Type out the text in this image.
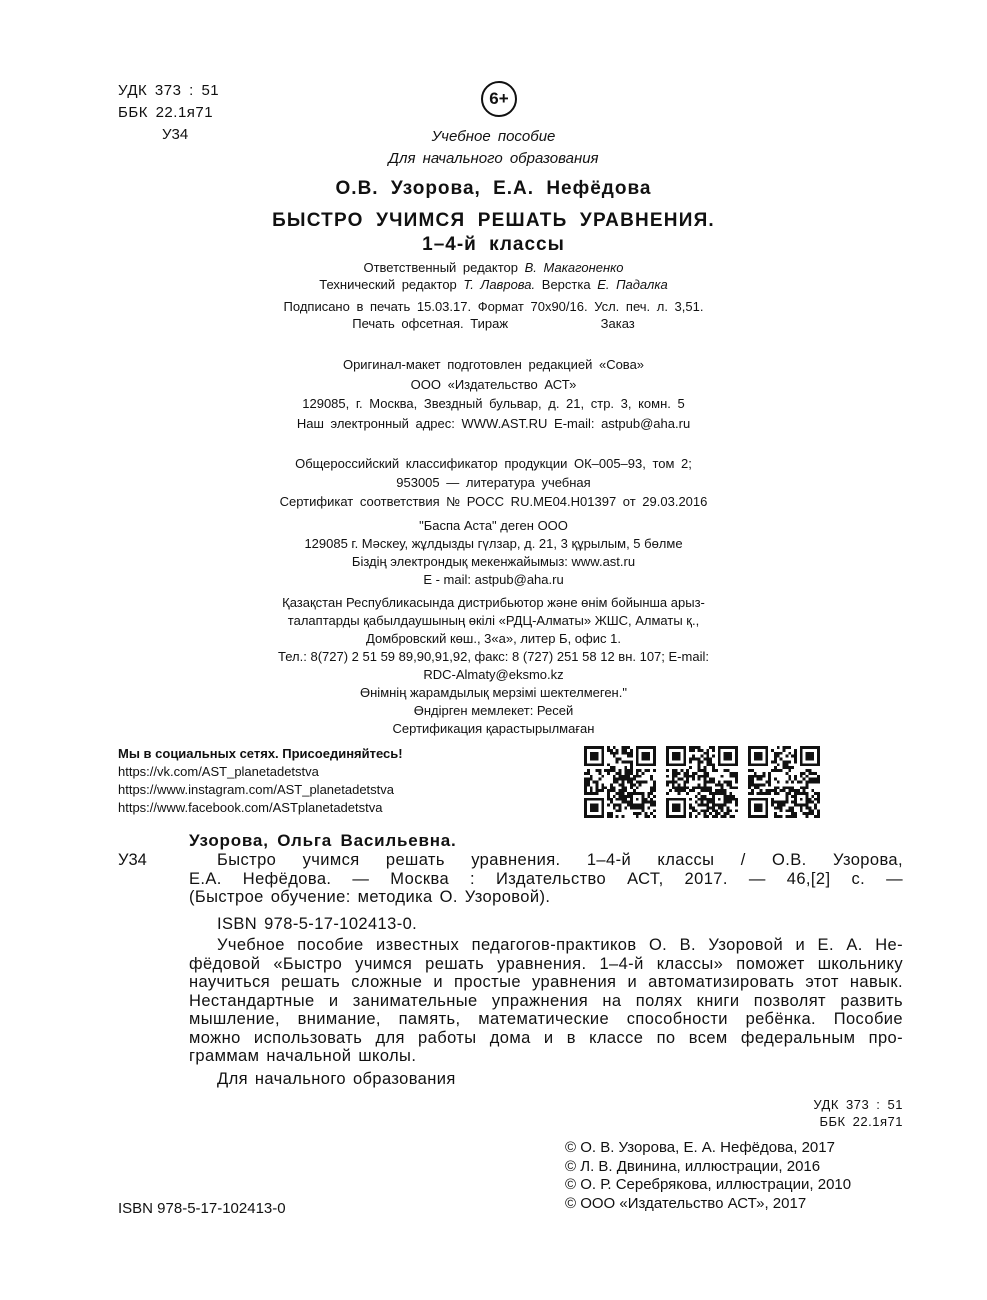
УДК 373 : 51
ББК 22.1я71
У34
6+
Учебное пособие
Для начального образования
О.В. Узорова, Е.А. Нефёдова
БЫСТРО УЧИМСЯ РЕШАТЬ УРАВНЕНИЯ.
1–4-й классы
Ответственный редактор В. Макагоненко
Технический редактор Т. Лаврова. Верстка Е. Падалка
Подписано в печать 15.03.17. Формат 70х90/16. Усл. печ. л. 3,51.
Печать офсетная. Тираж              Заказ
Оригинал-макет подготовлен редакцией «Сова»
ООО «Издательство АСТ»
129085, г. Москва, Звездный бульвар, д. 21, стр. 3, комн. 5
Наш электронный адрес: WWW.AST.RU E-mail: astpub@aha.ru
Общероссийский классификатор продукции ОК–005–93, том 2;
953005 — литература учебная
Сертификат соответствия № РОСС RU.МЕ04.Н01397 от 29.03.2016
"Баспа Аста" деген ООО
129085 г. Мәскеу, жұлдызды гүлзар, д. 21, 3 құрылым, 5 бөлме
Біздің электрондық мекенжайымыз: www.ast.ru
E - mail: astpub@aha.ru
Қазақстан Республикасында дистрибьютор және өнім бойынша арыз-
талаптарды қабылдаушының өкілі «РДЦ-Алматы» ЖШС, Алматы қ.,
Домбровский көш., 3«а», литер Б, офис 1.
Тел.: 8(727) 2 51 59 89,90,91,92, факс: 8 (727) 251 58 12 вн. 107; E-mail:
RDC-Almaty@eksmo.kz
Өнімнің жарамдылық мерзімі шектелмеген."
Өндірген мемлекет: Ресей
Сертификация қарастырылмаған
Мы в социальных сетях. Присоединяйтесь!
https://vk.com/AST_planetadetstva
https://www.instagram.com/AST_planetadetstva
https://www.facebook.com/ASTplanetadetstva
Узорова, Ольга Васильевна.
У34	Быстро учимся решать уравнения. 1–4-й классы / О.В. Узорова,
Е.А. Нефёдова. — Москва : Издательство АСТ, 2017. — 46,[2] с. —
(Быстрое обучение: методика О. Узоровой).
ISBN 978-5-17-102413-0.
Учебное пособие известных педагогов-практиков О. В. Узоровой и Е. А. Не-
фёдовой «Быстро учимся решать уравнения. 1–4-й классы» поможет школьнику
научиться решать сложные и простые уравнения и автоматизировать этот навык.
Нестандартные и занимательные упражнения на полях книги позволят развить
мышление, внимание, память, математические способности ребёнка. Пособие
можно использовать для работы дома и в классе по всем федеральным про-
граммам начальной школы.
Для начального образования
УДК 373 : 51
ББК 22.1я71
© О. В. Узорова, Е. А. Нефёдова, 2017
© Л. В. Двинина, иллюстрации, 2016
© О. Р. Серебрякова, иллюстрации, 2010
© ООО «Издательство АСТ», 2017
ISBN 978-5-17-102413-0
